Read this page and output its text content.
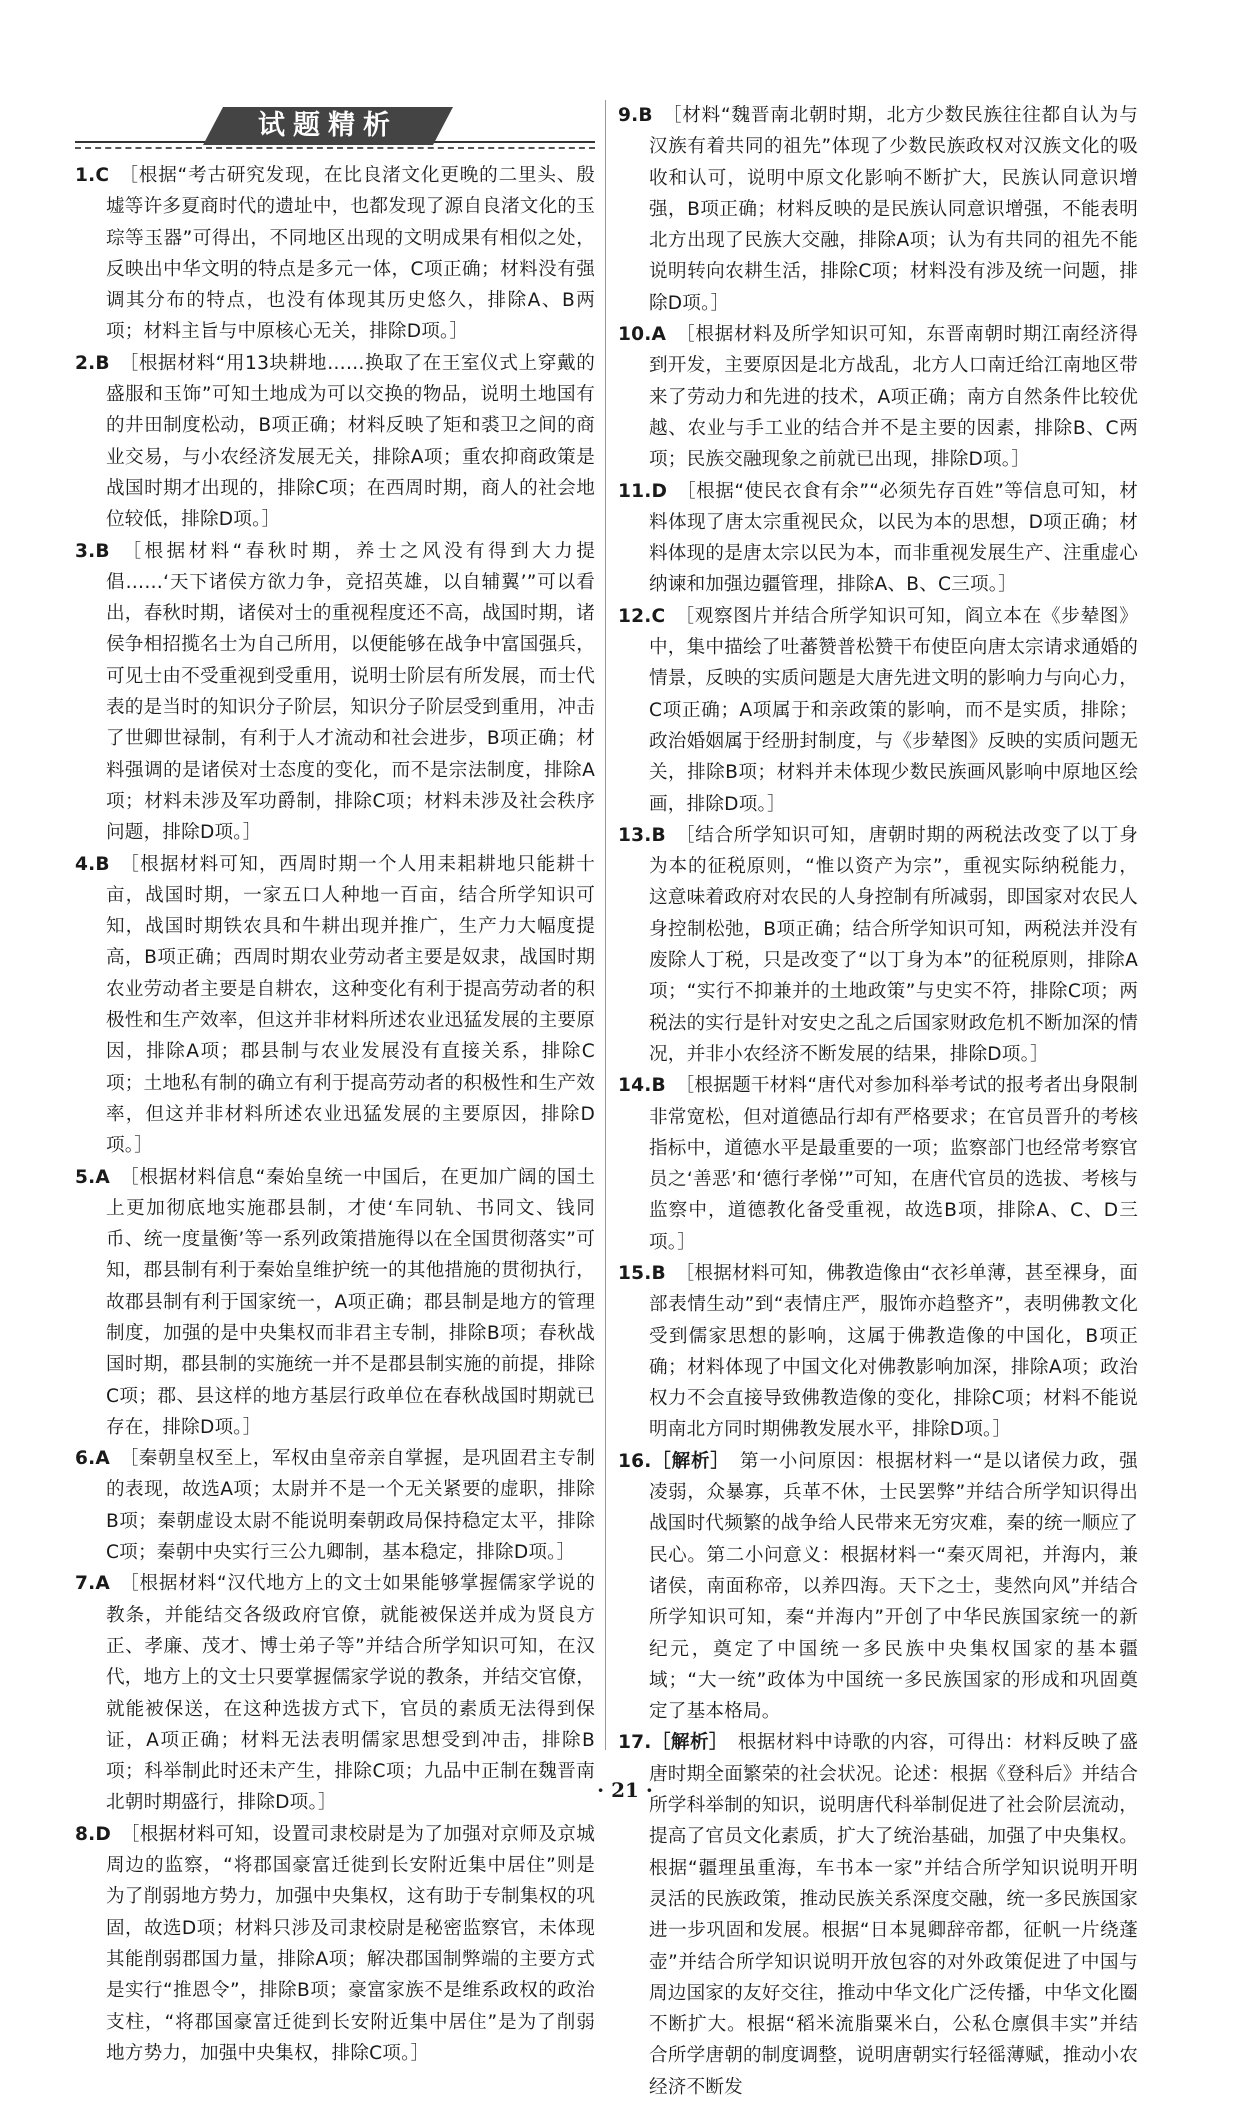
试题精析

1.C ［根据“考古研究发现，在比良渚文化更晚的二里头、殷墟等许多夏商时代的遗址中，也都发现了源自良渚文化的玉琮等玉器”可得出，不同地区出现的文明成果有相似之处，反映出中华文明的特点是多元一体，C项正确；材料没有强调其分布的特点，也没有体现其历史悠久，排除A、B两项；材料主旨与中原核心无关，排除D项。］

2.B ［根据材料“用13块耕地……换取了在王室仪式上穿戴的盛服和玉饰”可知土地成为可以交换的物品，说明土地国有的井田制度松动，B项正确；材料反映了矩和裘卫之间的商业交易，与小农经济发展无关，排除A项；重农抑商政策是战国时期才出现的，排除C项；在西周时期，商人的社会地位较低，排除D项。］

3.B ［根据材料“春秋时期，养士之风没有得到大力提倡……‘天下诸侯方欲力争，竞招英雄，以自辅翼’”可以看出，春秋时期，诸侯对士的重视程度还不高，战国时期，诸侯争相招揽名士为自己所用，以便能够在战争中富国强兵，可见士由不受重视到受重用，说明士阶层有所发展，而士代表的是当时的知识分子阶层，知识分子阶层受到重用，冲击了世卿世禄制，有利于人才流动和社会进步，B项正确；材料强调的是诸侯对士态度的变化，而不是宗法制度，排除A项；材料未涉及军功爵制，排除C项；材料未涉及社会秩序问题，排除D项。］

4.B ［根据材料可知，西周时期一个人用耒耜耕地只能耕十亩，战国时期，一家五口人种地一百亩，结合所学知识可知，战国时期铁农具和牛耕出现并推广，生产力大幅度提高，B项正确；西周时期农业劳动者主要是奴隶，战国时期农业劳动者主要是自耕农，这种变化有利于提高劳动者的积极性和生产效率，但这并非材料所述农业迅猛发展的主要原因，排除A项；郡县制与农业发展没有直接关系，排除C项；土地私有制的确立有利于提高劳动者的积极性和生产效率，但这并非材料所述农业迅猛发展的主要原因，排除D项。］

5.A ［根据材料信息“秦始皇统一中国后，在更加广阔的国土上更加彻底地实施郡县制，才使‘车同轨、书同文、钱同币、统一度量衡’等一系列政策措施得以在全国贯彻落实”可知，郡县制有利于秦始皇维护统一的其他措施的贯彻执行，故郡县制有利于国家统一，A项正确；郡县制是地方的管理制度，加强的是中央集权而非君主专制，排除B项；春秋战国时期，郡县制的实施统一并不是郡县制实施的前提，排除C项；郡、县这样的地方基层行政单位在春秋战国时期就已存在，排除D项。］

6.A ［秦朝皇权至上，军权由皇帝亲自掌握，是巩固君主专制的表现，故选A项；太尉并不是一个无关紧要的虚职，排除B项；秦朝虚设太尉不能说明秦朝政局保持稳定太平，排除C项；秦朝中央实行三公九卿制，基本稳定，排除D项。］

7.A ［根据材料“汉代地方上的文士如果能够掌握儒家学说的教条，并能结交各级政府官僚，就能被保送并成为贤良方正、孝廉、茂才、博士弟子等”并结合所学知识可知，在汉代，地方上的文士只要掌握儒家学说的教条，并结交官僚，就能被保送，在这种选拔方式下，官员的素质无法得到保证，A项正确；材料无法表明儒家思想受到冲击，排除B项；科举制此时还未产生，排除C项；九品中正制在魏晋南北朝时期盛行，排除D项。］

8.D ［根据材料可知，设置司隶校尉是为了加强对京师及京城周边的监察，“将郡国豪富迁徙到长安附近集中居住”则是为了削弱地方势力，加强中央集权，这有助于专制集权的巩固，故选D项；材料只涉及司隶校尉是秘密监察官，未体现其能削弱郡国力量，排除A项；解决郡国制弊端的主要方式是实行“推恩令”，排除B项；豪富家族不是维系政权的政治支柱，“将郡国豪富迁徙到长安附近集中居住”是为了削弱地方势力，加强中央集权，排除C项。］

9.B ［材料“魏晋南北朝时期，北方少数民族往往都自认为与汉族有着共同的祖先”体现了少数民族政权对汉族文化的吸收和认可，说明中原文化影响不断扩大，民族认同意识增强，B项正确；材料反映的是民族认同意识增强，不能表明北方出现了民族大交融，排除A项；认为有共同的祖先不能说明转向农耕生活，排除C项；材料没有涉及统一问题，排除D项。］

10.A ［根据材料及所学知识可知，东晋南朝时期江南经济得到开发，主要原因是北方战乱，北方人口南迁给江南地区带来了劳动力和先进的技术，A项正确；南方自然条件比较优越、农业与手工业的结合并不是主要的因素，排除B、C两项；民族交融现象之前就已出现，排除D项。］

11.D ［根据“使民衣食有余”“必须先存百姓”等信息可知，材料体现了唐太宗重视民众，以民为本的思想，D项正确；材料体现的是唐太宗以民为本，而非重视发展生产、注重虚心纳谏和加强边疆管理，排除A、B、C三项。］

12.C ［观察图片并结合所学知识可知，阎立本在《步辇图》中，集中描绘了吐蕃赞普松赞干布使臣向唐太宗请求通婚的情景，反映的实质问题是大唐先进文明的影响力与向心力，C项正确；A项属于和亲政策的影响，而不是实质，排除；政治婚姻属于经册封制度，与《步辇图》反映的实质问题无关，排除B项；材料并未体现少数民族画风影响中原地区绘画，排除D项。］

13.B ［结合所学知识可知，唐朝时期的两税法改变了以丁身为本的征税原则，“惟以资产为宗”，重视实际纳税能力，这意味着政府对农民的人身控制有所减弱，即国家对农民人身控制松弛，B项正确；结合所学知识可知，两税法并没有废除人丁税，只是改变了“以丁身为本”的征税原则，排除A项；“实行不抑兼并的土地政策”与史实不符，排除C项；两税法的实行是针对安史之乱之后国家财政危机不断加深的情况，并非小农经济不断发展的结果，排除D项。］

14.B ［根据题干材料“唐代对参加科举考试的报考者出身限制非常宽松，但对道德品行却有严格要求；在官员晋升的考核指标中，道德水平是最重要的一项；监察部门也经常考察官员之‘善恶’和‘德行孝悌’”可知，在唐代官员的选拔、考核与监察中，道德教化备受重视，故选B项，排除A、C、D三项。］

15.B ［根据材料可知，佛教造像由“衣衫单薄，甚至裸身，面部表情生动”到“表情庄严，服饰亦趋整齐”，表明佛教文化受到儒家思想的影响，这属于佛教造像的中国化，B项正确；材料体现了中国文化对佛教影响加深，排除A项；政治权力不会直接导致佛教造像的变化，排除C项；材料不能说明南北方同时期佛教发展水平，排除D项。］

16.［解析］ 第一小问原因：根据材料一“是以诸侯力政，强凌弱，众暴寡，兵革不休，士民罢弊”并结合所学知识得出战国时代频繁的战争给人民带来无穷灾难，秦的统一顺应了民心。第二小问意义：根据材料一“秦灭周祀，并海内，兼诸侯，南面称帝，以养四海。天下之士，斐然向风”并结合所学知识可知，秦“并海内”开创了中华民族国家统一的新纪元，奠定了中国统一多民族中央集权国家的基本疆域；“大一统”政体为中国统一多民族国家的形成和巩固奠定了基本格局。

17.［解析］ 根据材料中诗歌的内容，可得出：材料反映了盛唐时期全面繁荣的社会状况。论述：根据《登科后》并结合所学科举制的知识，说明唐代科举制促进了社会阶层流动，提高了官员文化素质，扩大了统治基础，加强了中央集权。根据“疆理虽重海，车书本一家”并结合所学知识说明开明灵活的民族政策，推动民族关系深度交融，统一多民族国家进一步巩固和发展。根据“日本晁卿辞帝都，征帆一片绕蓬壶”并结合所学知识说明开放包容的对外政策促进了中国与周边国家的友好交往，推动中华文化广泛传播，中华文化圈不断扩大。根据“稻米流脂粟米白，公私仓廪俱丰实”并结合所学唐朝的制度调整，说明唐朝实行轻徭薄赋，推动小农经济不断发

· 21 ·
